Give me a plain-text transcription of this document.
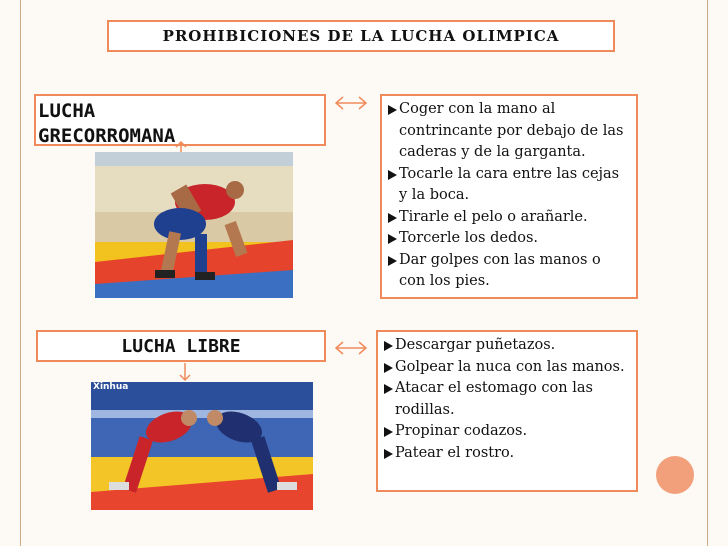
PROHIBICIONES DE LA LUCHA OLIMPICA
LUCHA
GRECORROMANA
Coger con la mano al contrincante por debajo de las caderas y de la garganta.
Tocarle la cara entre las cejas y la boca.
Tirarle el pelo o arañarle.
Torcerle los dedos.
Dar golpes con las manos o con los pies.
LUCHA LIBRE
Xinhua
Descargar puñetazos.
Golpear la nuca con las manos.
Atacar el estomago con las rodillas.
Propinar codazos.
Patear el rostro.
